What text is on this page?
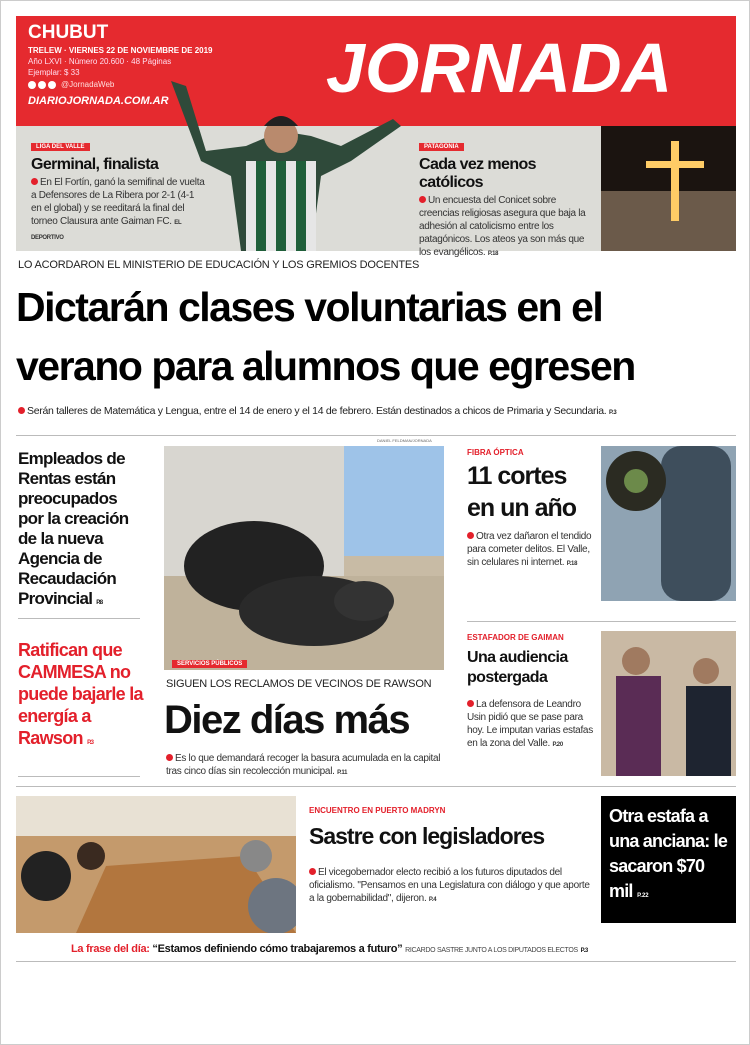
CHUBUT
TRELEW · VIERNES 22 DE NOVIEMBRE DE 2019
Año LXVI · Número 20.600 · 48 Páginas
Ejemplar: $ 33
@JornadaWeb
DIARIOJORNADA.COM.AR JORNADA
LIGA DEL VALLE
Germinal, finalista
En El Fortín, ganó la semifinal de vuelta a Defensores de La Ribera por 2-1 (4-1 en el global) y se reeditará la final del torneo Clausura ante Gaiman FC. EL DEPORTIVO
PATAGONIA
Cada vez menos católicos
Un encuesta del Conicet sobre creencias religiosas asegura que baja la adhesión al catolicismo entre los patagónicos. Los ateos ya son más que los evangélicos. P.18
LO ACORDARON EL MINISTERIO DE EDUCACIÓN Y LOS GREMIOS DOCENTES
Dictarán clases voluntarias en el
verano para alumnos que egresen
Serán talleres de Matemática y Lengua, entre el 14 de enero y el 14 de febrero. Están destinados a chicos de Primaria y Secundaria. P.3
Empleados de Rentas están preocupados por la creación de la nueva Agencia de Recaudación Provincial P.8
Ratifican que CAMMESA no puede bajarle la energía a Rawson P.3
DANIEL FELDMAN/JORNADA
SERVICIOS PÚBLICOS
SIGUEN LOS RECLAMOS DE VECINOS DE RAWSON
Diez días más
Es lo que demandará recoger la basura acumulada en la capital tras cinco días sin recolección municipal. P.11
FIBRA ÓPTICA
11 cortes en un año
Otra vez dañaron el tendido para cometer delitos. El Valle, sin celulares ni internet. P.18
ESTAFADOR DE GAIMAN
Una audiencia postergada
La defensora de Leandro Usin pidió que se pase para hoy. Le imputan varias estafas en la zona del Valle. P.20
ENCUENTRO EN PUERTO MADRYN
Sastre con legisladores
El vicegobernador electo recibió a los futuros diputados del oficialismo. "Pensamos en una Legislatura con diálogo y que aporte a la gobernabilidad", dijeron. P.4
Otra estafa a una anciana: le sacaron $70 mil P.22
La frase del día: “Estamos definiendo cómo trabajaremos a futuro” RICARDO SASTRE JUNTO A LOS DIPUTADOS ELECTOS P.3
